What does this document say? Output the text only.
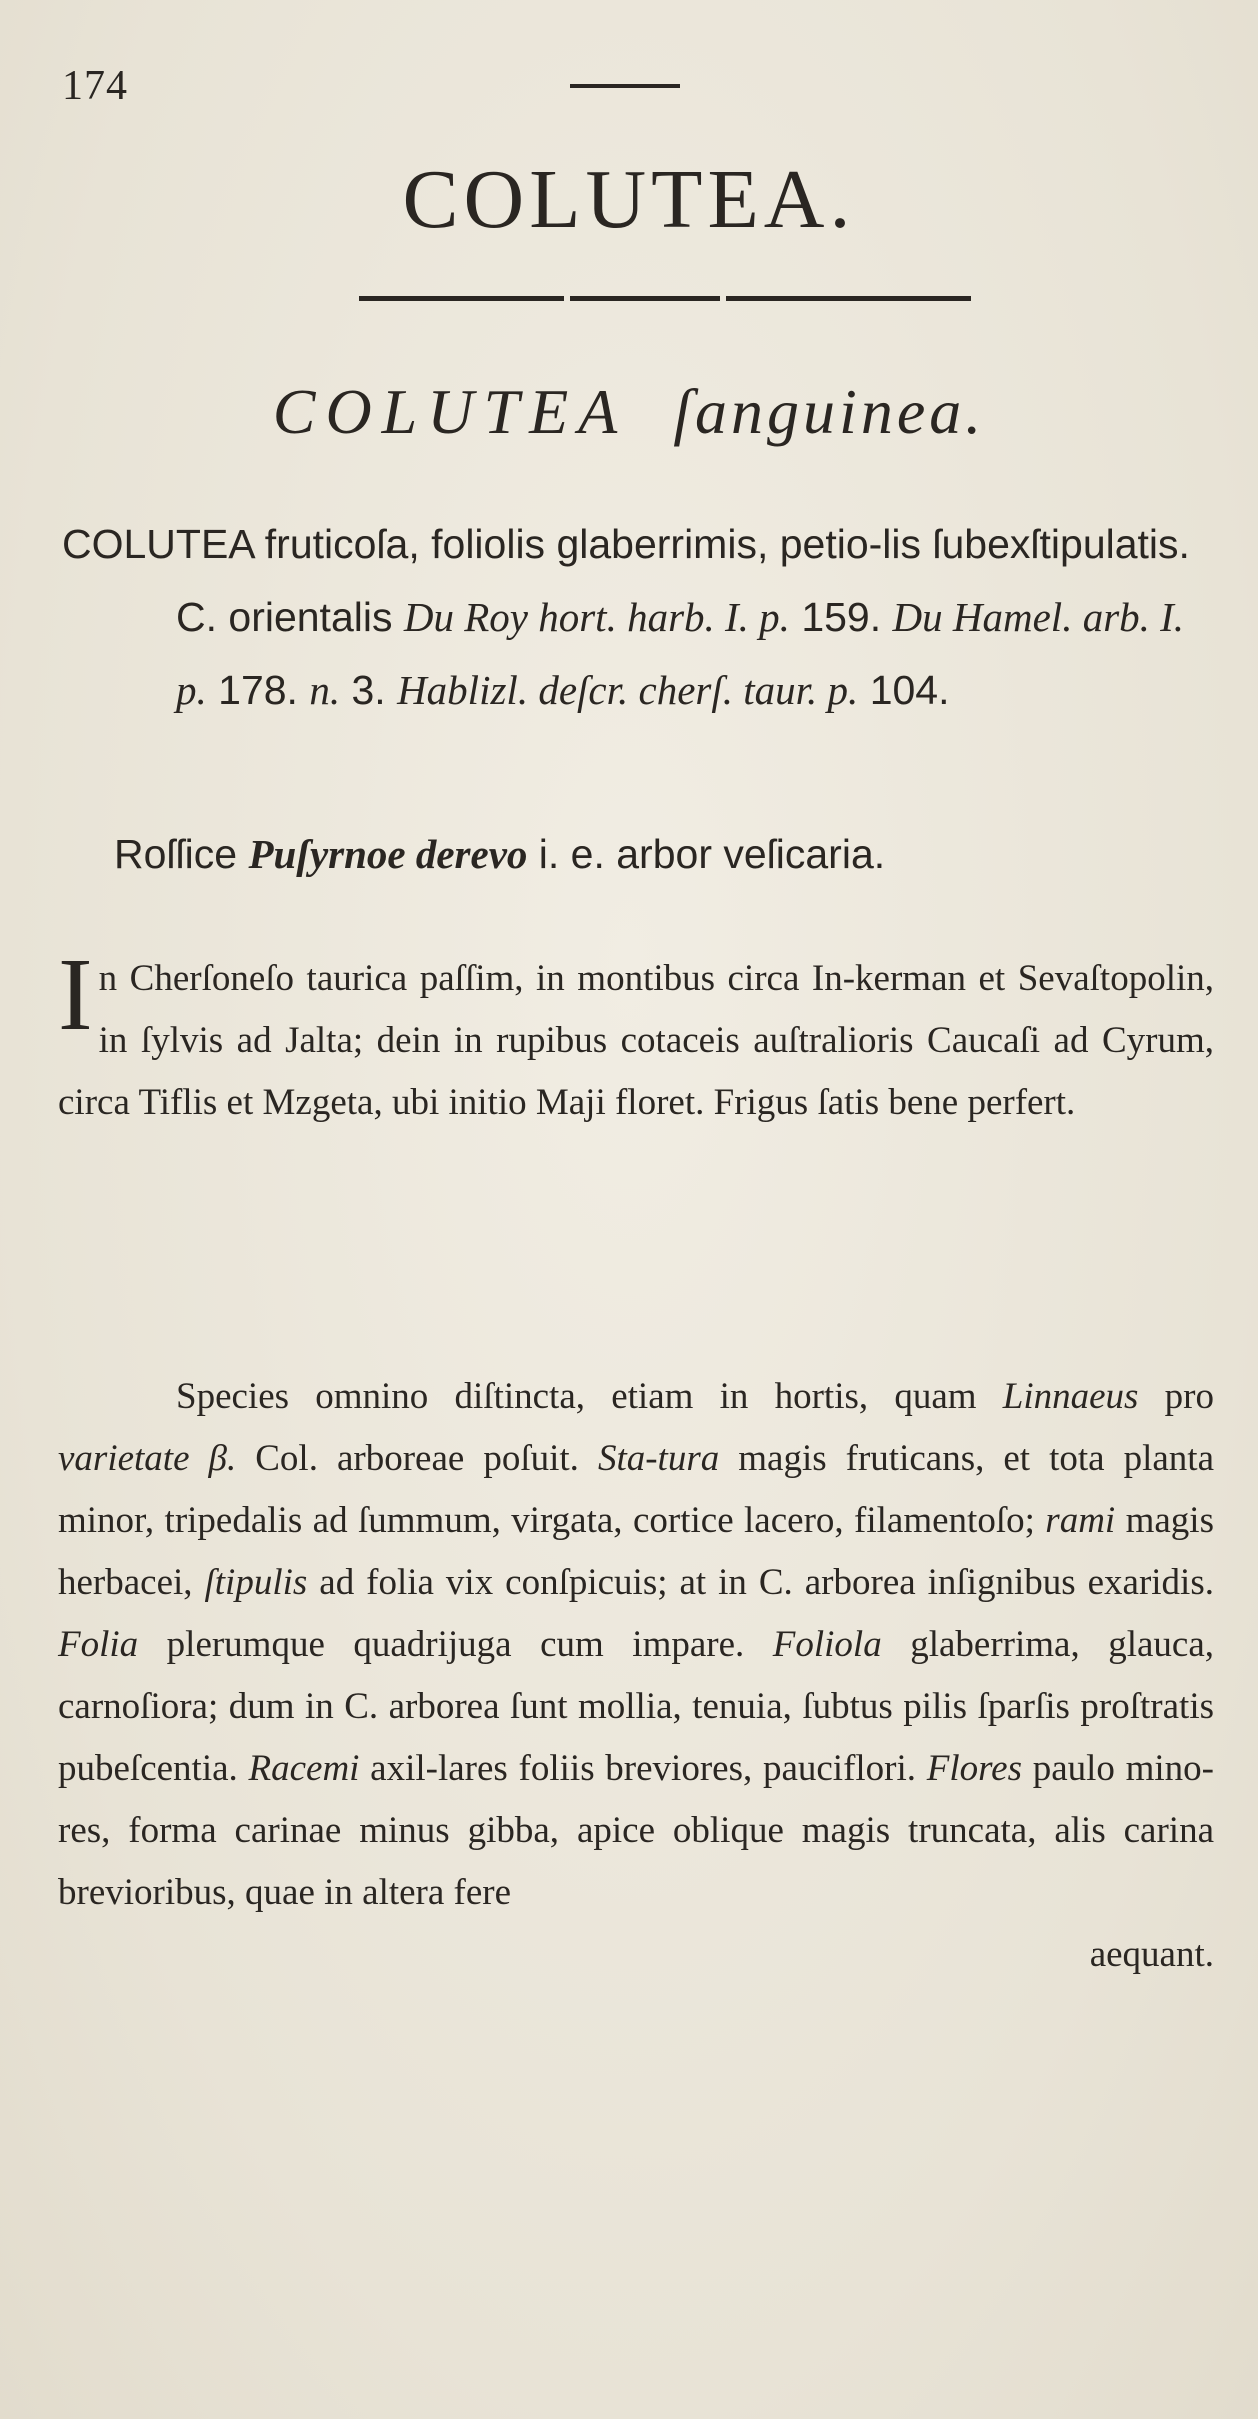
174
COLUTEA.
COLUTEA ſanguinea.
COLUTEA fruticoſa, foliolis glaberrimis, petio-lis ſubexſtipulatis. C. orientalis Du Roy hort. harb. I. p. 159. Du Hamel. arb. I. p. 178. n. 3. Hablizl. deſcr. cherſ. taur. p. 104.
Roſſice Puſyrnoe derevo i. e. arbor veſicaria.
In Cherſoneſo taurica paſſim, in montibus circa In-kerman et Sevaſtopolin, in ſylvis ad Jalta; dein in rupibus cotaceis auſtralioris Caucaſi ad Cyrum, circa Tiflis et Mzgeta, ubi initio Maji floret. Frigus ſatis bene perfert.
Species omnino diſtincta, etiam in hortis, quam Linnaeus pro varietate β. Col. arboreae poſuit. Sta-tura magis fruticans, et tota planta minor, tripedalis ad ſummum, virgata, cortice lacero, filamentoſo; rami magis herbacei, ſtipulis ad folia vix conſpicuis; at in C. arborea inſignibus exaridis. Folia plerumque quadrijuga cum impare. Foliola glaberrima, glauca, carnoſiora; dum in C. arborea ſunt mollia, tenuia, ſubtus pilis ſparſis proſtratis pubeſcentia. Racemi axil-lares foliis breviores, pauciflori. Flores paulo mino-res, forma carinae minus gibba, apice oblique magis truncata, alis carina brevioribus, quae in altera fere
aequant.
